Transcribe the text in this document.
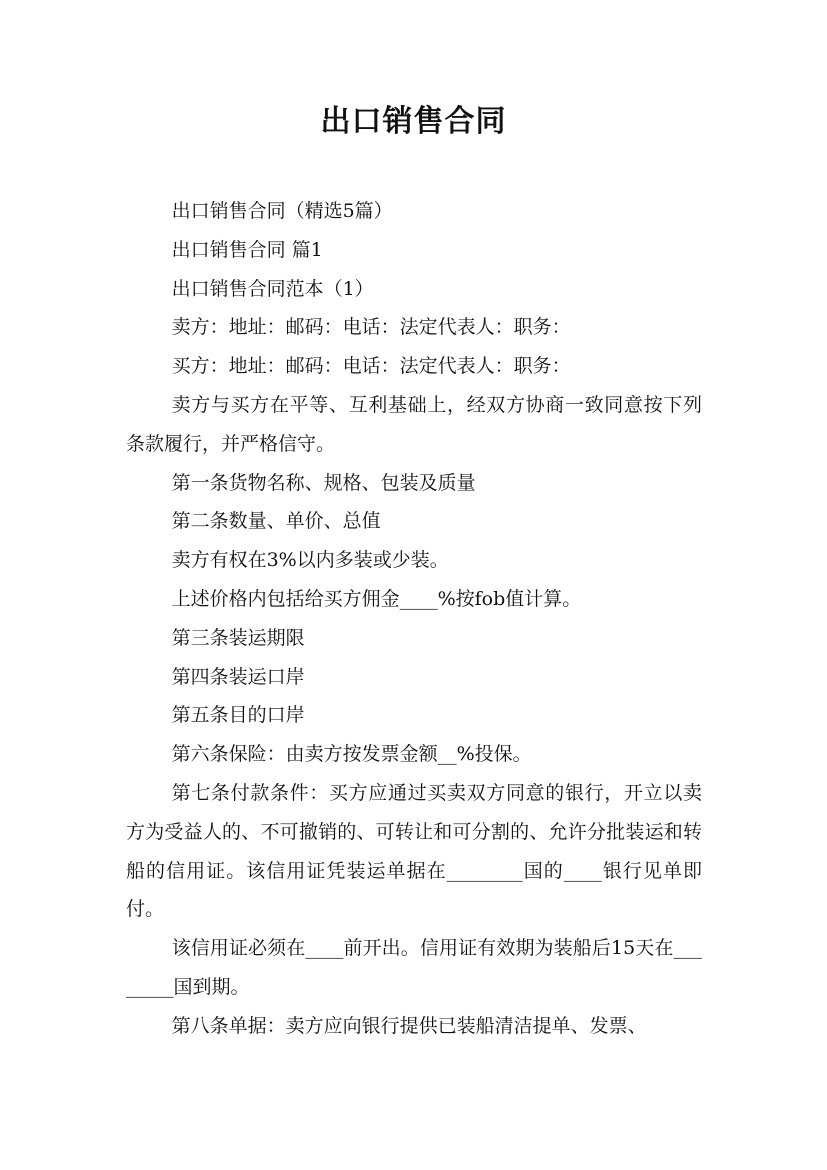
出口销售合同

出口销售合同（精选5篇）

出口销售合同 篇1

出口销售合同范本（1）

卖方：地址：邮码：电话：法定代表人：职务：

买方：地址：邮码：电话：法定代表人：职务：

卖方与买方在平等、互利基础上，经双方协商一致同意按下列条款履行，并严格信守。

第一条货物名称、规格、包装及质量

第二条数量、单价、总值

卖方有权在3%以内多装或少装。

上述价格内包括给买方佣金____%按fob值计算。

第三条装运期限

第四条装运口岸

第五条目的口岸

第六条保险：由卖方按发票金额__%投保。

第七条付款条件：买方应通过买卖双方同意的银行，开立以卖方为受益人的、不可撤销的、可转让和可分割的、允许分批装运和转船的信用证。该信用证凭装运单据在________国的____银行见单即付。

该信用证必须在____前开出。信用证有效期为装船后15天在________国到期。

第八条单据：卖方应向银行提供已装船清洁提单、发票、
